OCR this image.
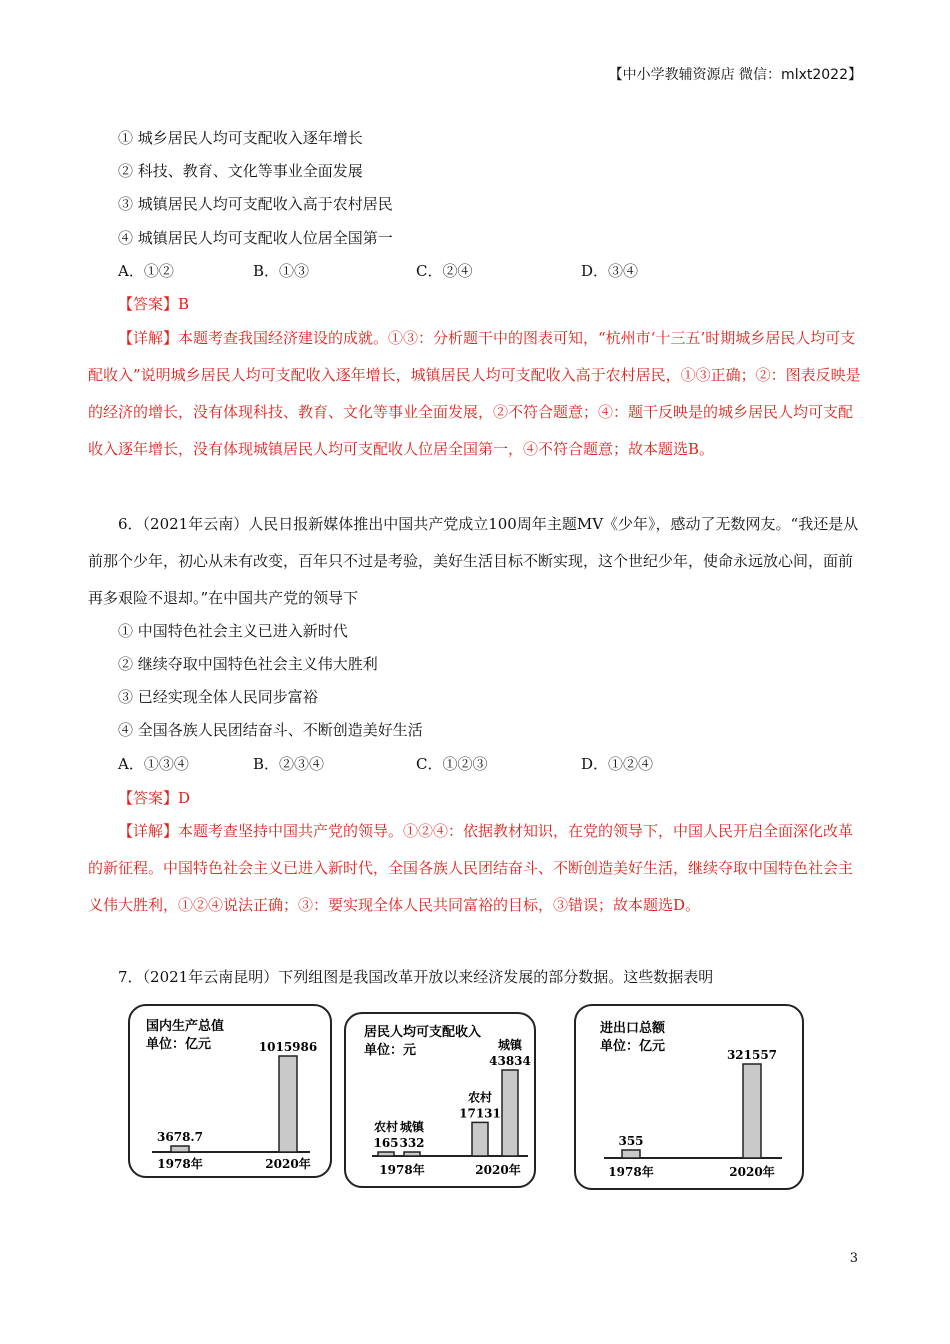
【中小学教辅资源店 微信：mlxt2022】
① 城乡居民人均可支配收入逐年增长
② 科技、教育、文化等事业全面发展
③ 城镇居民人均可支配收入高于农村居民
④ 城镇居民人均可支配收人位居全国第一
A．①②	B．①③	C．②④	D．③④
【答案】B
【详解】本题考查我国经济建设的成就。①③：分析题干中的图表可知，“杭州市‘十三五’时期城乡居民人均可支配收入”说明城乡居民人均可支配收入逐年增长，城镇居民人均可支配收入高于农村居民，①③正确；②：图表反映是的经济的增长，没有体现科技、教育、文化等事业全面发展，②不符合题意；④：题干反映是的城乡居民人均可支配收入逐年增长，没有体现城镇居民人均可支配收人位居全国第一，④不符合题意；故本题选B。
6．（2021年云南）人民日报新媒体推出中国共产党成立100周年主题MV《少年》，感动了无数网友。“我还是从前那个少年，初心从未有改变，百年只不过是考验，美好生活目标不断实现，这个世纪少年，使命永远放心间，面前再多艰险不退却。”在中国共产党的领导下
① 中国特色社会主义已进入新时代
② 继续夺取中国特色社会主义伟大胜利
③ 已经实现全体人民同步富裕
④ 全国各族人民团结奋斗、不断创造美好生活
A．①③④	B．②③④	C．①②③	D．①②④
【答案】D
【详解】本题考查坚持中国共产党的领导。①②④：依据教材知识，在党的领导下，中国人民开启全面深化改革的新征程。中国特色社会主义已进入新时代，全国各族人民团结奋斗、不断创造美好生活，继续夺取中国特色社会主义伟大胜利，①②④说法正确；③：要实现全体人民共同富裕的目标，③错误；故本题选D。
7．（2021年云南昆明）下列组图是我国改革开放以来经济发展的部分数据。这些数据表明
国内生产总值
单位：亿元
3678.7
1015986
1978年	2020年
居民人均可支配收入
单位：元
165 332
17131
43834
农村 城镇
农村
城镇
1978年	2020年
进出口总额
单位：亿元
355
321557
1978年	2020年
3
